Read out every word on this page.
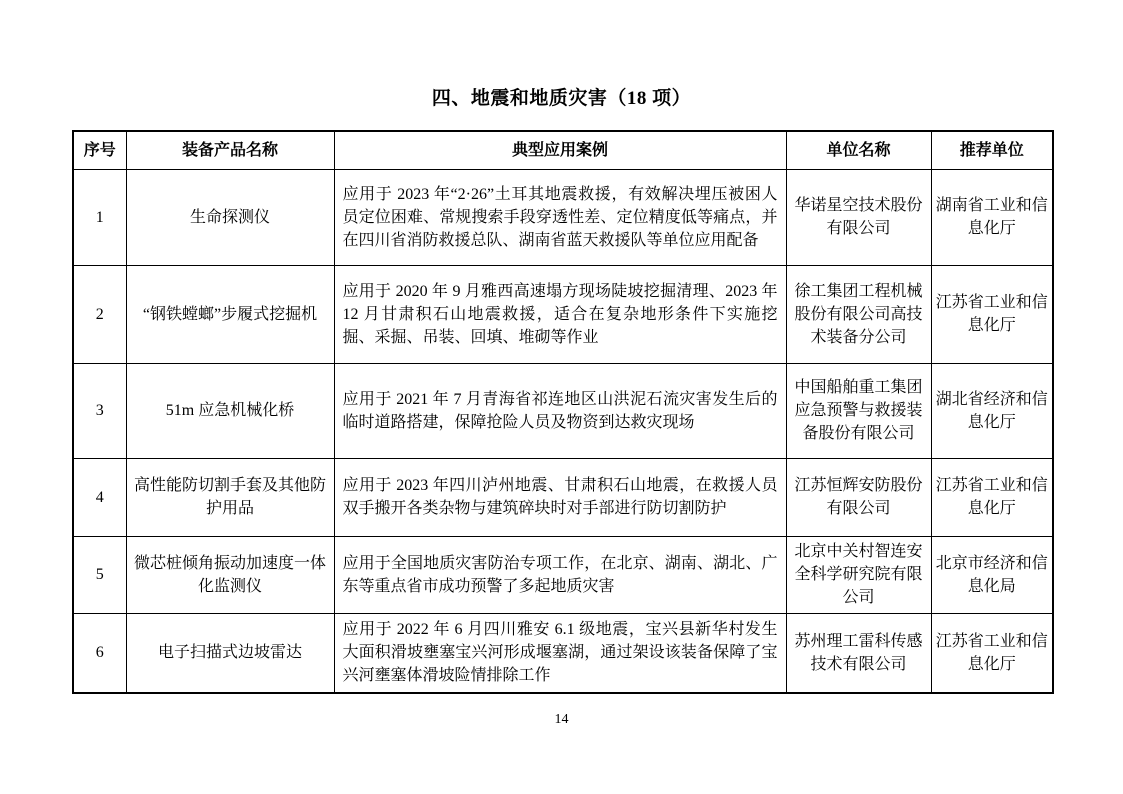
四、地震和地质灾害（18 项）
序号	装备产品名称	典型应用案例	单位名称	推荐单位
1	生命探测仪	应用于 2023 年“2·26”土耳其地震救援，有效解决埋压被困人员定位困难、常规搜索手段穿透性差、定位精度低等痛点，并在四川省消防救援总队、湖南省蓝天救援队等单位应用配备	华诺星空技术股份有限公司	湖南省工业和信息化厅
2	“钢铁螳螂”步履式挖掘机	应用于 2020 年 9 月雅西高速塌方现场陡坡挖掘清理、2023 年 12 月甘肃积石山地震救援，适合在复杂地形条件下实施挖掘、采掘、吊装、回填、堆砌等作业	徐工集团工程机械股份有限公司高技术装备分公司	江苏省工业和信息化厅
3	51m 应急机械化桥	应用于 2021 年 7 月青海省祁连地区山洪泥石流灾害发生后的临时道路搭建，保障抢险人员及物资到达救灾现场	中国船舶重工集团应急预警与救援装备股份有限公司	湖北省经济和信息化厅
4	高性能防切割手套及其他防护用品	应用于 2023 年四川泸州地震、甘肃积石山地震，在救援人员双手搬开各类杂物与建筑碎块时对手部进行防切割防护	江苏恒辉安防股份有限公司	江苏省工业和信息化厅
5	微芯桩倾角振动加速度一体化监测仪	应用于全国地质灾害防治专项工作，在北京、湖南、湖北、广东等重点省市成功预警了多起地质灾害	北京中关村智连安全科学研究院有限公司	北京市经济和信息化局
6	电子扫描式边坡雷达	应用于 2022 年 6 月四川雅安 6.1 级地震，宝兴县新华村发生大面积滑坡壅塞宝兴河形成堰塞湖，通过架设该装备保障了宝兴河壅塞体滑坡险情排除工作	苏州理工雷科传感技术有限公司	江苏省工业和信息化厅
14
